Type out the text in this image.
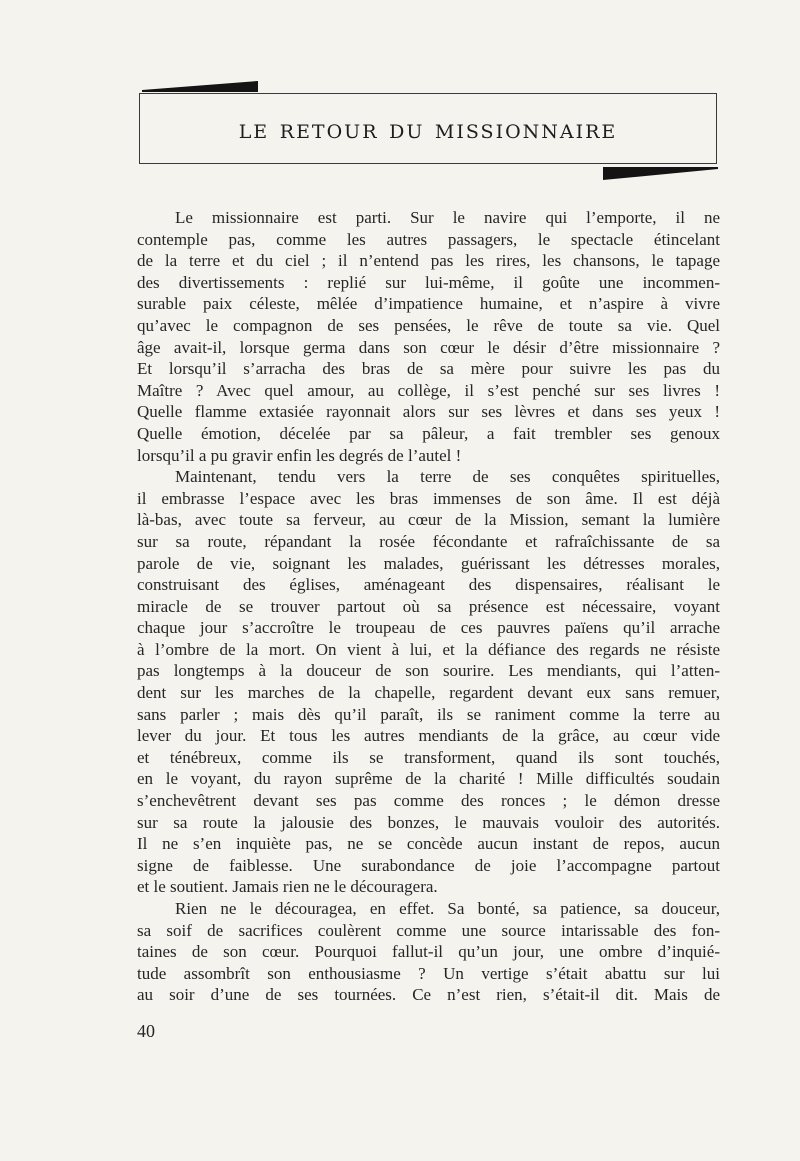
le retour du missionnaire
Le missionnaire est parti. Sur le navire qui l’emporte, il ne
contemple pas, comme les autres passagers, le spectacle étincelant
de la terre et du ciel ; il n’entend pas les rires, les chansons, le tapage
des divertissements : replié sur lui-même, il goûte une incommen-
surable paix céleste, mêlée d’impatience humaine, et n’aspire à vivre
qu’avec le compagnon de ses pensées, le rêve de toute sa vie. Quel
âge avait-il, lorsque germa dans son cœur le désir d’être missionnaire ?
Et lorsqu’il s’arracha des bras de sa mère pour suivre les pas du
Maître ? Avec quel amour, au collège, il s’est penché sur ses livres !
Quelle flamme extasiée rayonnait alors sur ses lèvres et dans ses yeux !
Quelle émotion, décelée par sa pâleur, a fait trembler ses genoux
lorsqu’il a pu gravir enfin les degrés de l’autel !
Maintenant, tendu vers la terre de ses conquêtes spirituelles,
il embrasse l’espace avec les bras immenses de son âme. Il est déjà
là-bas, avec toute sa ferveur, au cœur de la Mission, semant la lumière
sur sa route, répandant la rosée fécondante et rafraîchissante de sa
parole de vie, soignant les malades, guérissant les détresses morales,
construisant des églises, aménageant des dispensaires, réalisant le
miracle de se trouver partout où sa présence est nécessaire, voyant
chaque jour s’accroître le troupeau de ces pauvres païens qu’il arrache
à l’ombre de la mort. On vient à lui, et la défiance des regards ne résiste
pas longtemps à la douceur de son sourire. Les mendiants, qui l’atten-
dent sur les marches de la chapelle, regardent devant eux sans remuer,
sans parler ; mais dès qu’il paraît, ils se raniment comme la terre au
lever du jour. Et tous les autres mendiants de la grâce, au cœur vide
et ténébreux, comme ils se transforment, quand ils sont touchés,
en le voyant, du rayon suprême de la charité ! Mille difficultés soudain
s’enchevêtrent devant ses pas comme des ronces ; le démon dresse
sur sa route la jalousie des bonzes, le mauvais vouloir des autorités.
Il ne s’en inquiète pas, ne se concède aucun instant de repos, aucun
signe de faiblesse. Une surabondance de joie l’accompagne partout
et le soutient. Jamais rien ne le découragera.
Rien ne le découragea, en effet. Sa bonté, sa patience, sa douceur,
sa soif de sacrifices coulèrent comme une source intarissable des fon-
taines de son cœur. Pourquoi fallut-il qu’un jour, une ombre d’inquié-
tude assombrît son enthousiasme ? Un vertige s’était abattu sur lui
au soir d’une de ses tournées. Ce n’est rien, s’était-il dit. Mais de
40
